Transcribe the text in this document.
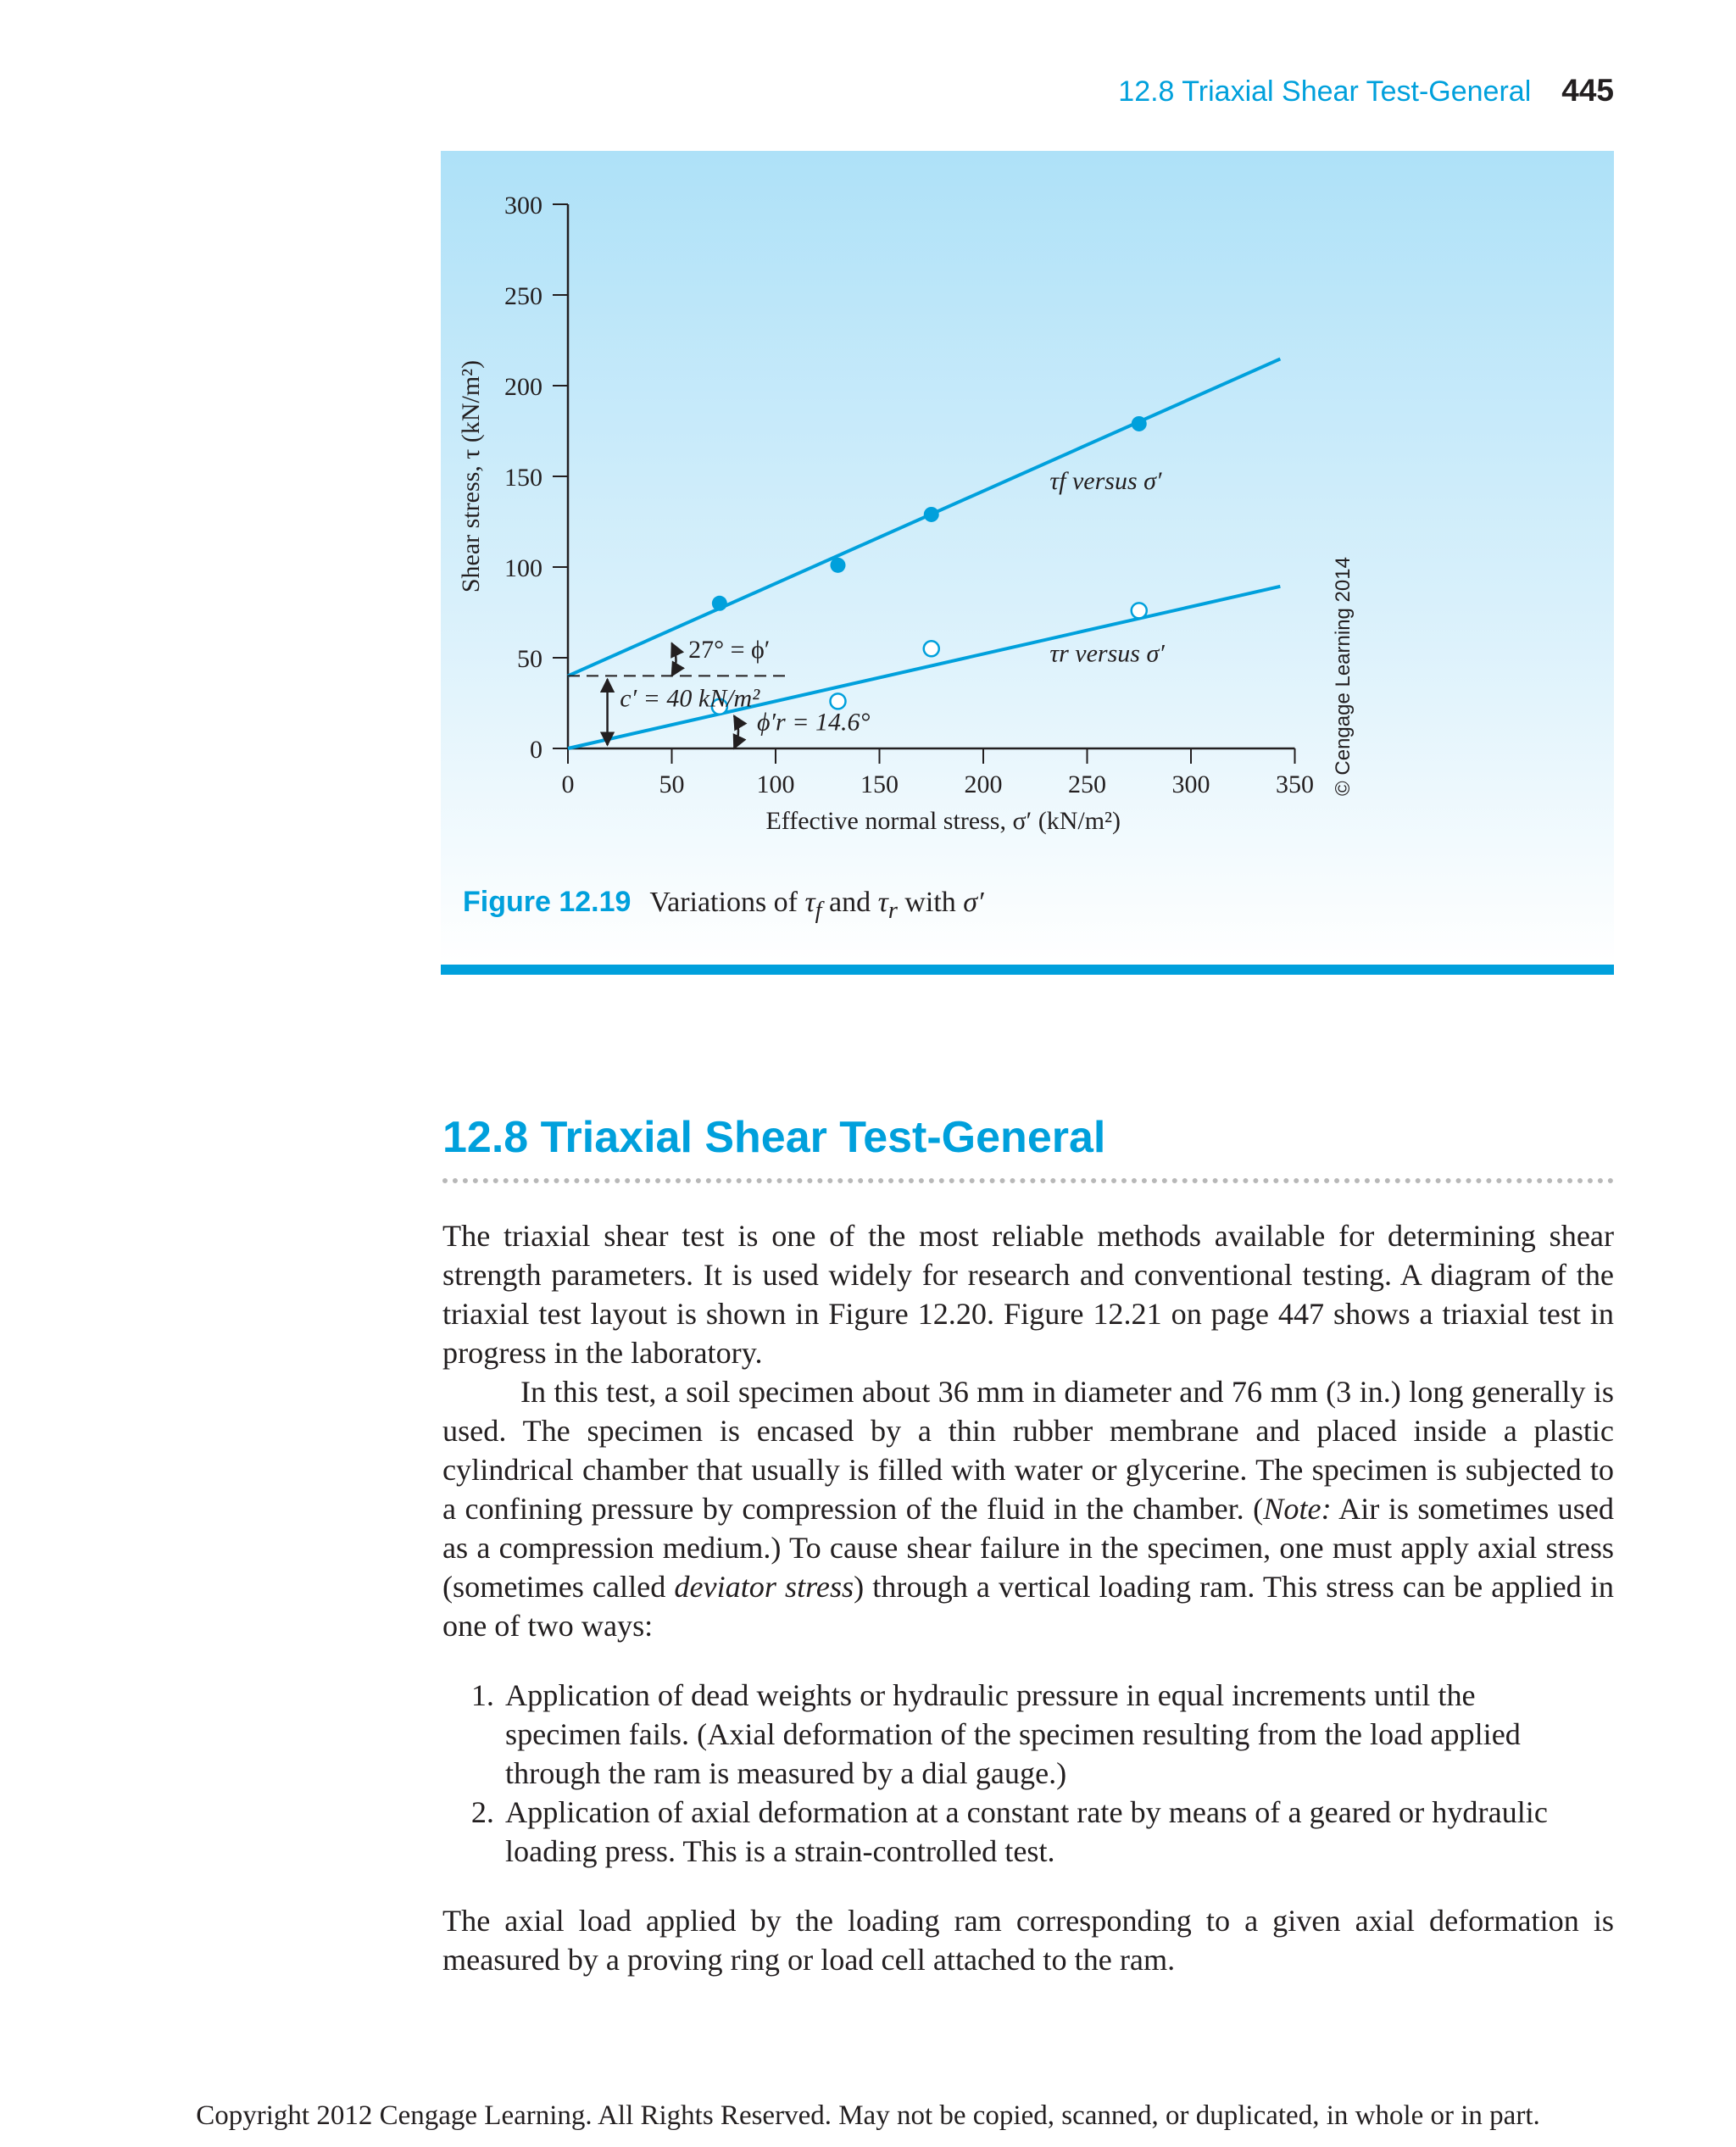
12.8 Triaxial Shear Test-General 445
0
50
100
150
200
250
300
0	50	100	150	200	250	300	350
Effective normal stress, σ′ (kN/m²)
Shear stress, τ (kN/m²)
c′ = 40 kN/m²
27° = ϕ′
ϕ′r = 14.6°
τf versus σ′
τr versus σ′	© Cengage Learning 2014
Figure 12.19 Variations of $\tau_f$ and $\tau_r$ with σ′
12.8 Triaxial Shear Test-General

The triaxial shear test is one of the most reliable methods available for determining shear strength parameters. It is used widely for research and conventional testing. A diagram of the triaxial test layout is shown in Figure 12.20. Figure 12.21 on page 447 shows a triaxial test in progress in the laboratory.

In this test, a soil specimen about 36 mm in diameter and 76 mm (3 in.) long generally is used. The specimen is encased by a thin rubber membrane and placed inside a plastic cylindrical chamber that usually is filled with water or glycerine. The specimen is subjected to a confining pressure by compression of the fluid in the chamber. (Note: Air is sometimes used as a compression medium.) To cause shear failure in the specimen, one must apply axial stress (sometimes called deviator stress) through a vertical loading ram. This stress can be applied in one of two ways:

1. Application of dead weights or hydraulic pressure in equal increments until the specimen fails. (Axial deformation of the specimen resulting from the load applied through the ram is measured by a dial gauge.)
2. Application of axial deformation at a constant rate by means of a geared or hydraulic loading press. This is a strain-controlled test.

The axial load applied by the loading ram corresponding to a given axial deformation is measured by a proving ring or load cell attached to the ram.

Copyright 2012 Cengage Learning. All Rights Reserved. May not be copied, scanned, or duplicated, in whole or in part.
